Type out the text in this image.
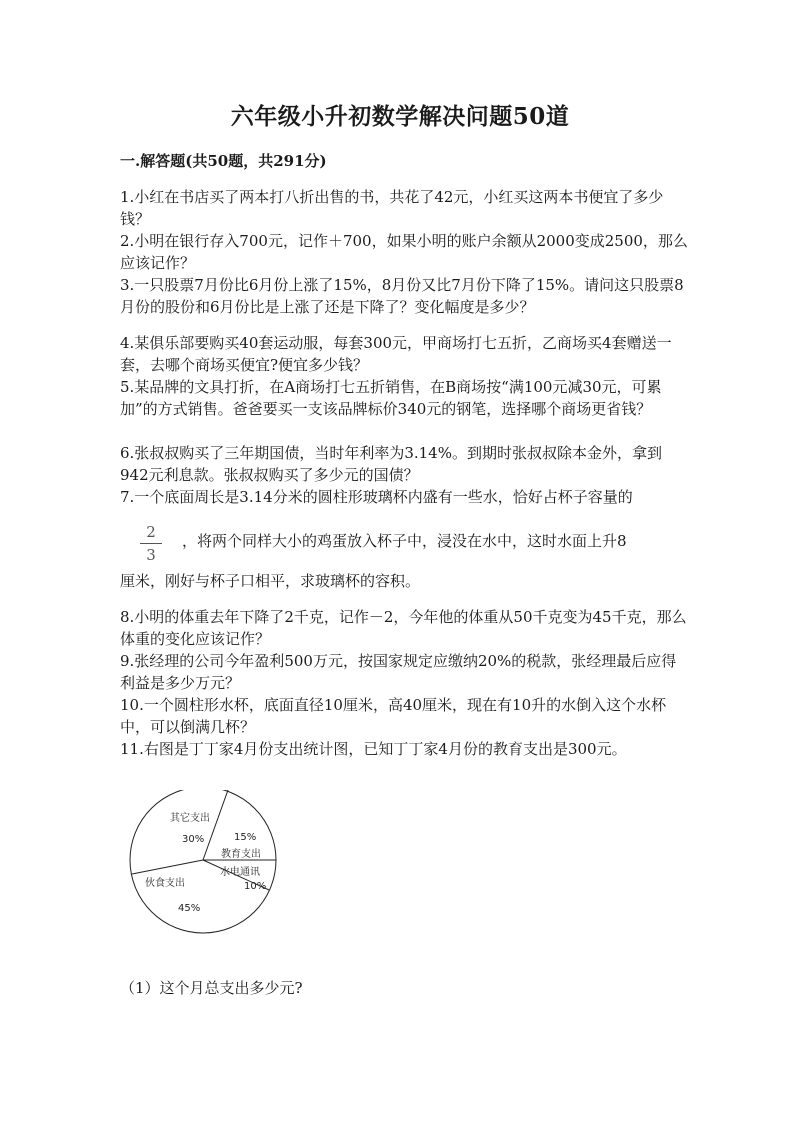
六年级小升初数学解决问题50道
一.解答题(共50题，共291分)
1.小红在书店买了两本打八折出售的书，共花了42元，小红买这两本书便宜了多少钱？
2.小明在银行存入700元，记作＋700，如果小明的账户余额从2000变成2500，那么应该记作？
3.一只股票7月份比6月份上涨了15%，8月份又比7月份下降了15%。请问这只股票8月份的股份和6月份比是上涨了还是下降了？变化幅度是多少？
4.某俱乐部要购买40套运动服，每套300元，甲商场打七五折，乙商场买4套赠送一套，去哪个商场买便宜?便宜多少钱？
5.某品牌的文具打折，在A商场打七五折销售，在B商场按“满100元减30元，可累加”的方式销售。爸爸要买一支该品牌标价340元的钢笔，选择哪个商场更省钱？
6.张叔叔购买了三年期国债，当时年利率为3.14%。到期时张叔叔除本金外，拿到942元利息款。张叔叔购买了多少元的国债？
7.一个底面周长是3.14分米的圆柱形玻璃杯内盛有一些水，恰好占杯子容量的
2
3
，将两个同样大小的鸡蛋放入杯子中，浸没在水中，这时水面上升8
厘米，刚好与杯子口相平，求玻璃杯的容积。
8.小明的体重去年下降了2千克，记作－2，今年他的体重从50千克变为45千克，那么体重的变化应该记作？
9.张经理的公司今年盈利500万元，按国家规定应缴纳20%的税款，张经理最后应得利益是多少万元？
10.一个圆柱形水杯，底面直径10厘米，高40厘米，现在有10升的水倒入这个水杯中，可以倒满几杯？
11.右图是丁丁家4月份支出统计图，已知丁丁家4月份的教育支出是300元。
其它支出
30%	15%
教育支出
水电通讯
10%
伙食支出
45%
（1）这个月总支出多少元?
